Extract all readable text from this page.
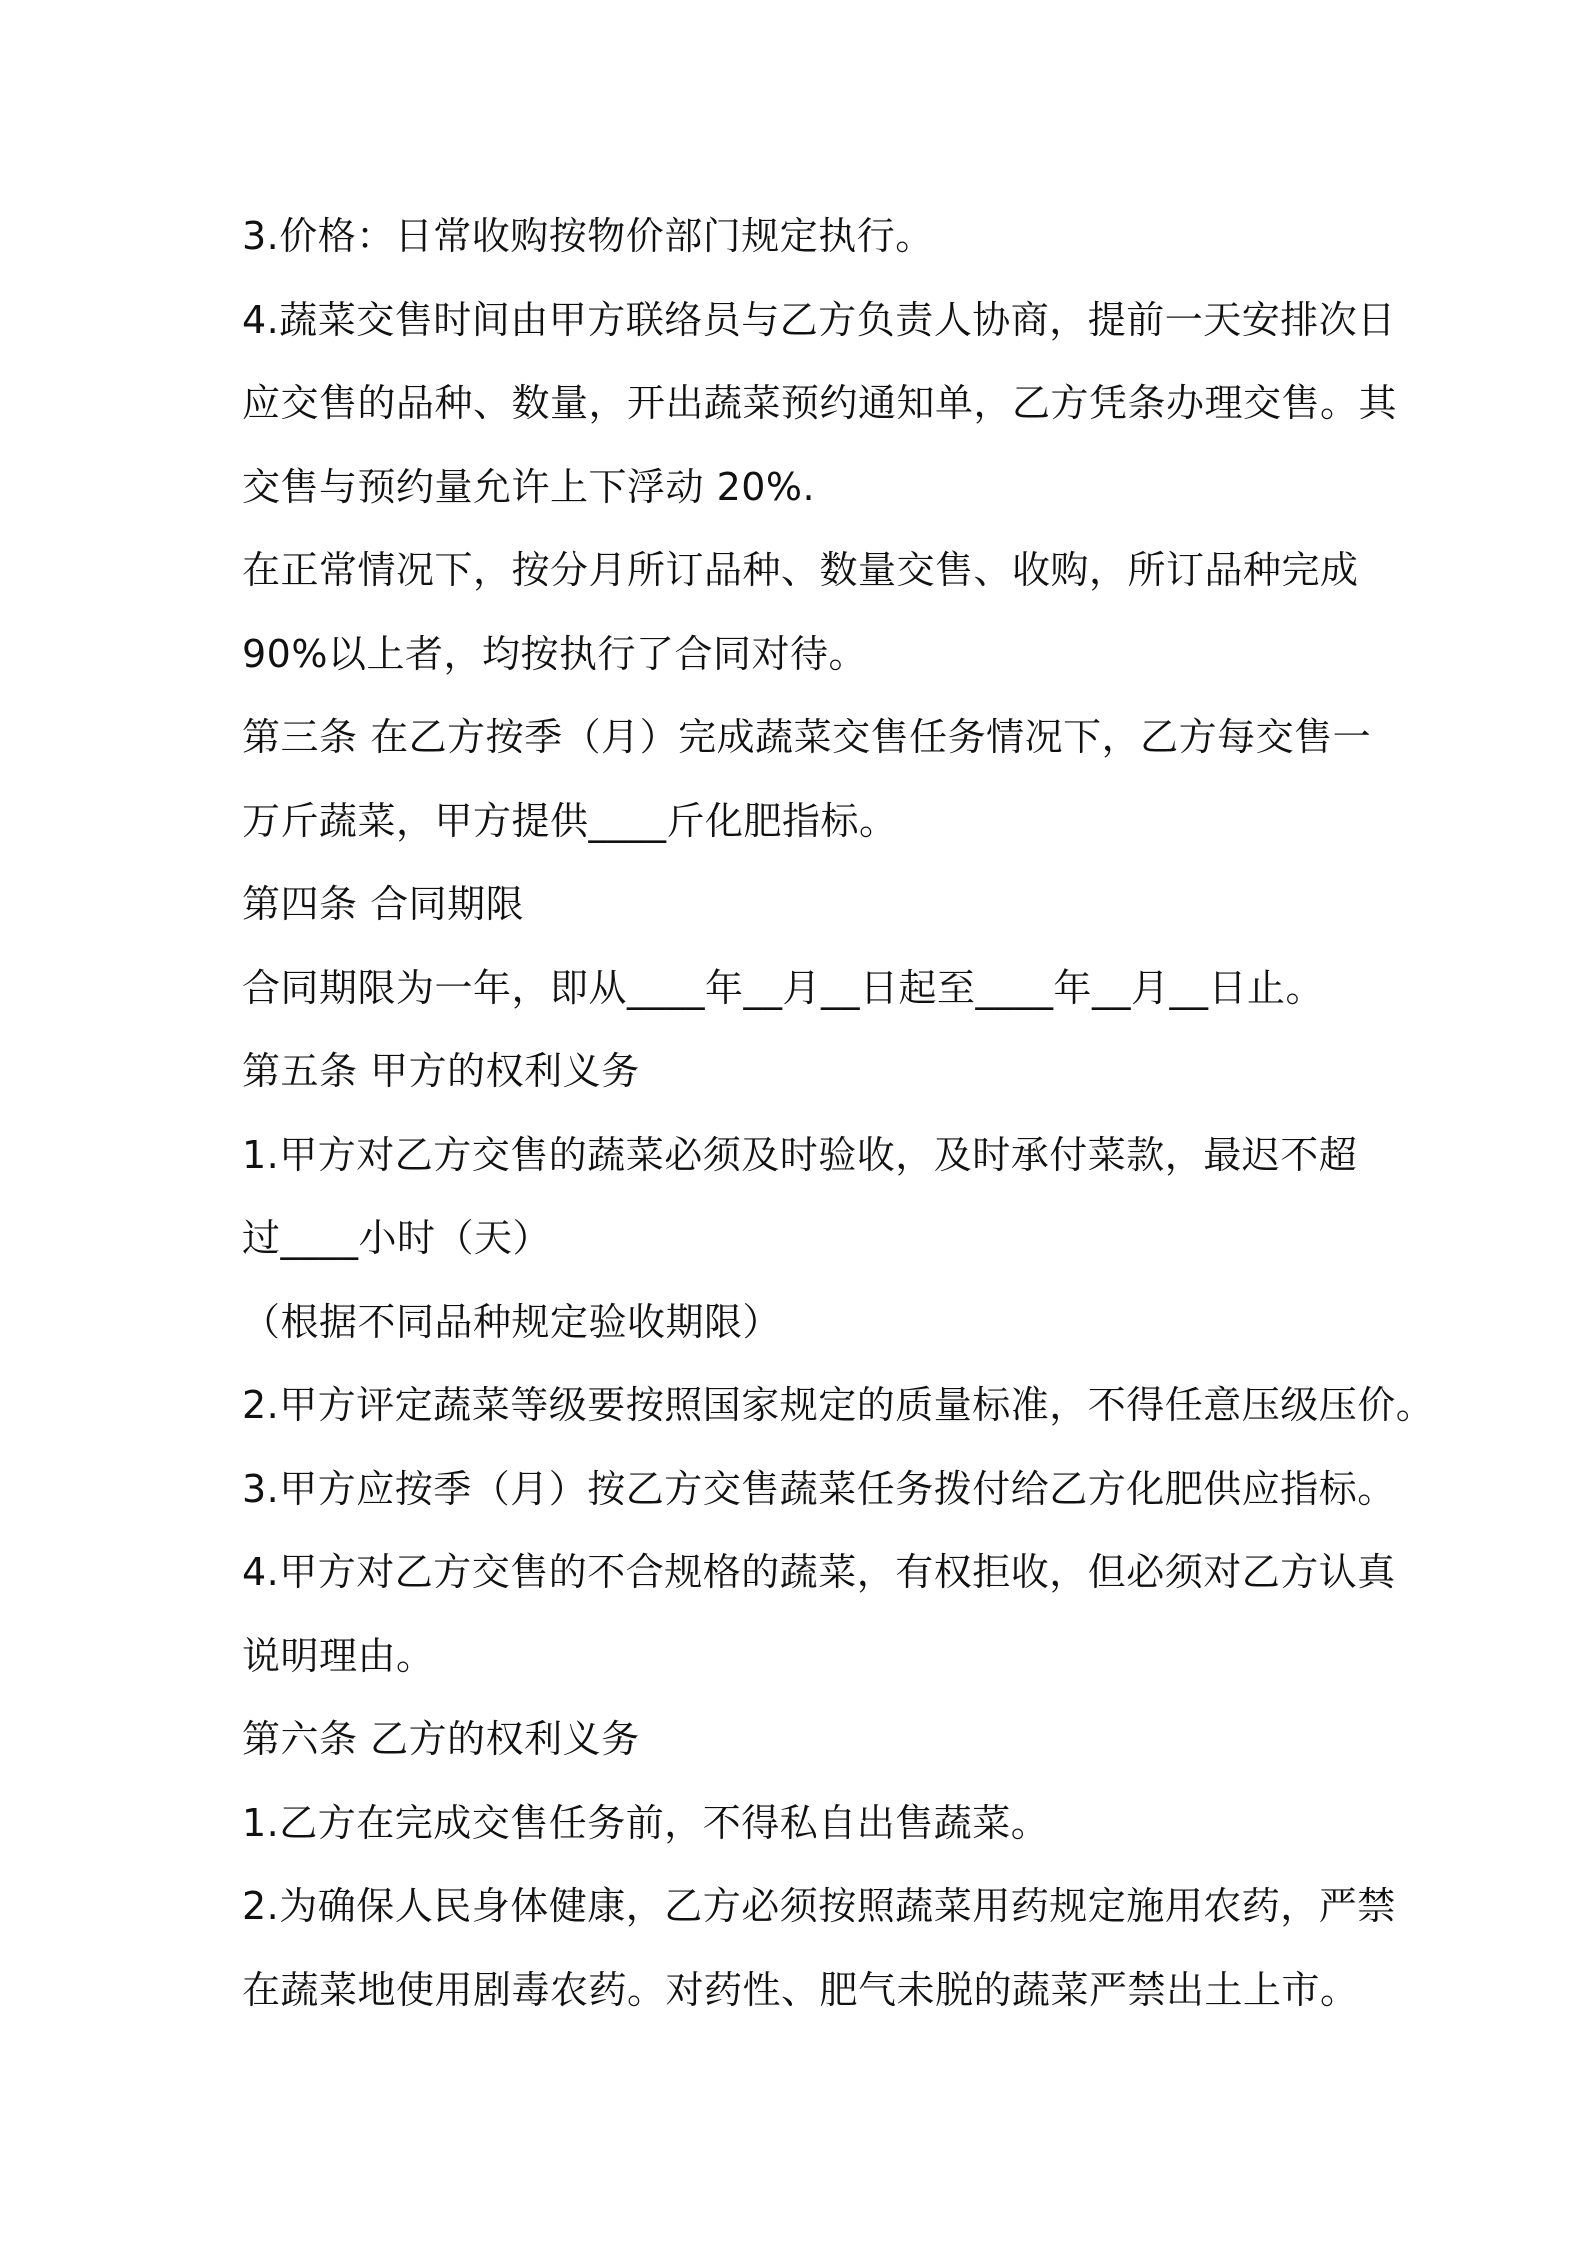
3.价格：日常收购按物价部门规定执行。
4.蔬菜交售时间由甲方联络员与乙方负责人协商，提前一天安排次日
应交售的品种、数量，开出蔬菜预约通知单，乙方凭条办理交售。其
交售与预约量允许上下浮动 20%.
在正常情况下，按分月所订品种、数量交售、收购，所订品种完成
90%以上者，均按执行了合同对待。
第三条 在乙方按季（月）完成蔬菜交售任务情况下，乙方每交售一
万斤蔬菜，甲方提供____斤化肥指标。
第四条 合同期限
合同期限为一年，即从____年__月__日起至____年__月__日止。
第五条 甲方的权利义务
1.甲方对乙方交售的蔬菜必须及时验收，及时承付菜款，最迟不超
过____小时（天）
（根据不同品种规定验收期限）
2.甲方评定蔬菜等级要按照国家规定的质量标准，不得任意压级压价。
3.甲方应按季（月）按乙方交售蔬菜任务拨付给乙方化肥供应指标。
4.甲方对乙方交售的不合规格的蔬菜，有权拒收，但必须对乙方认真
说明理由。
第六条 乙方的权利义务
1.乙方在完成交售任务前，不得私自出售蔬菜。
2.为确保人民身体健康，乙方必须按照蔬菜用药规定施用农药，严禁
在蔬菜地使用剧毒农药。对药性、肥气未脱的蔬菜严禁出土上市。
